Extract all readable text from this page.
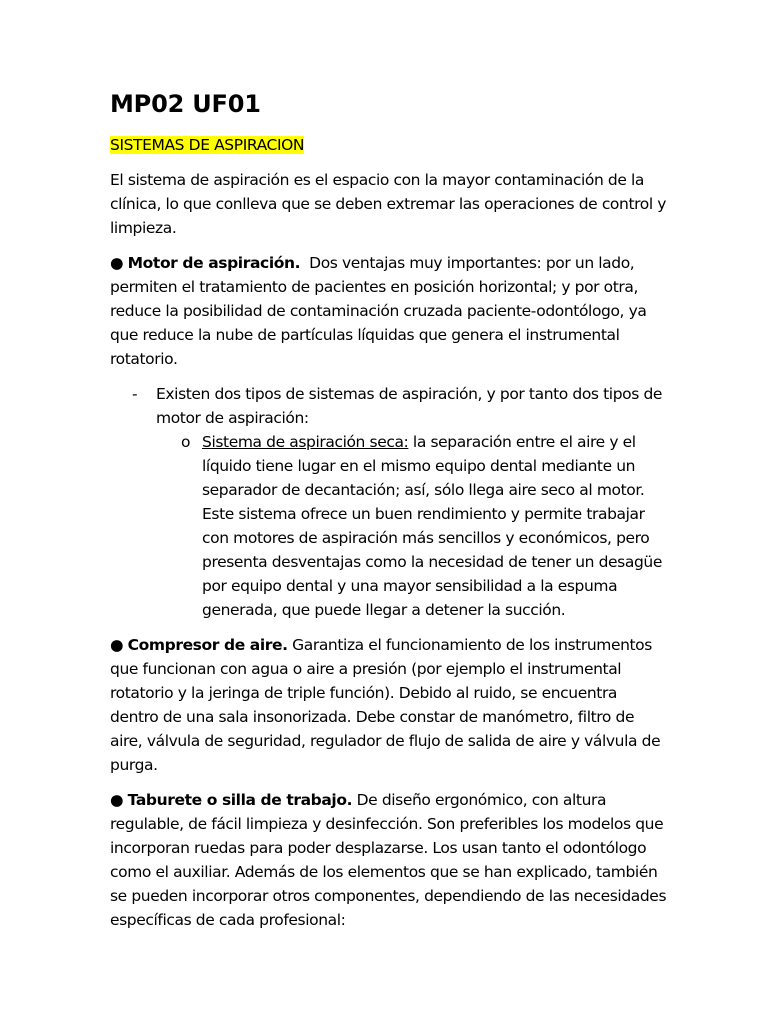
MP02 UF01
SISTEMAS DE ASPIRACION

El sistema de aspiración es el espacio con la mayor contaminación de la clínica, lo que conlleva que se deben extremar las operaciones de control y limpieza.

● Motor de aspiración. Dos ventajas muy importantes: por un lado, permiten el tratamiento de pacientes en posición horizontal; y por otra, reduce la posibilidad de contaminación cruzada paciente-odontólogo, ya que reduce la nube de partículas líquidas que genera el instrumental rotatorio.

- Existen dos tipos de sistemas de aspiración, y por tanto dos tipos de motor de aspiración:
o Sistema de aspiración seca: la separación entre el aire y el líquido tiene lugar en el mismo equipo dental mediante un separador de decantación; así, sólo llega aire seco al motor. Este sistema ofrece un buen rendimiento y permite trabajar con motores de aspiración más sencillos y económicos, pero presenta desventajas como la necesidad de tener un desagüe por equipo dental y una mayor sensibilidad a la espuma generada, que puede llegar a detener la succión.

● Compresor de aire. Garantiza el funcionamiento de los instrumentos que funcionan con agua o aire a presión (por ejemplo el instrumental rotatorio y la jeringa de triple función). Debido al ruido, se encuentra dentro de una sala insonorizada. Debe constar de manómetro, filtro de aire, válvula de seguridad, regulador de flujo de salida de aire y válvula de purga.

● Taburete o silla de trabajo. De diseño ergonómico, con altura regulable, de fácil limpieza y desinfección. Son preferibles los modelos que incorporan ruedas para poder desplazarse. Los usan tanto el odontólogo como el auxiliar. Además de los elementos que se han explicado, también se pueden incorporar otros componentes, dependiendo de las necesidades específicas de cada profesional:
